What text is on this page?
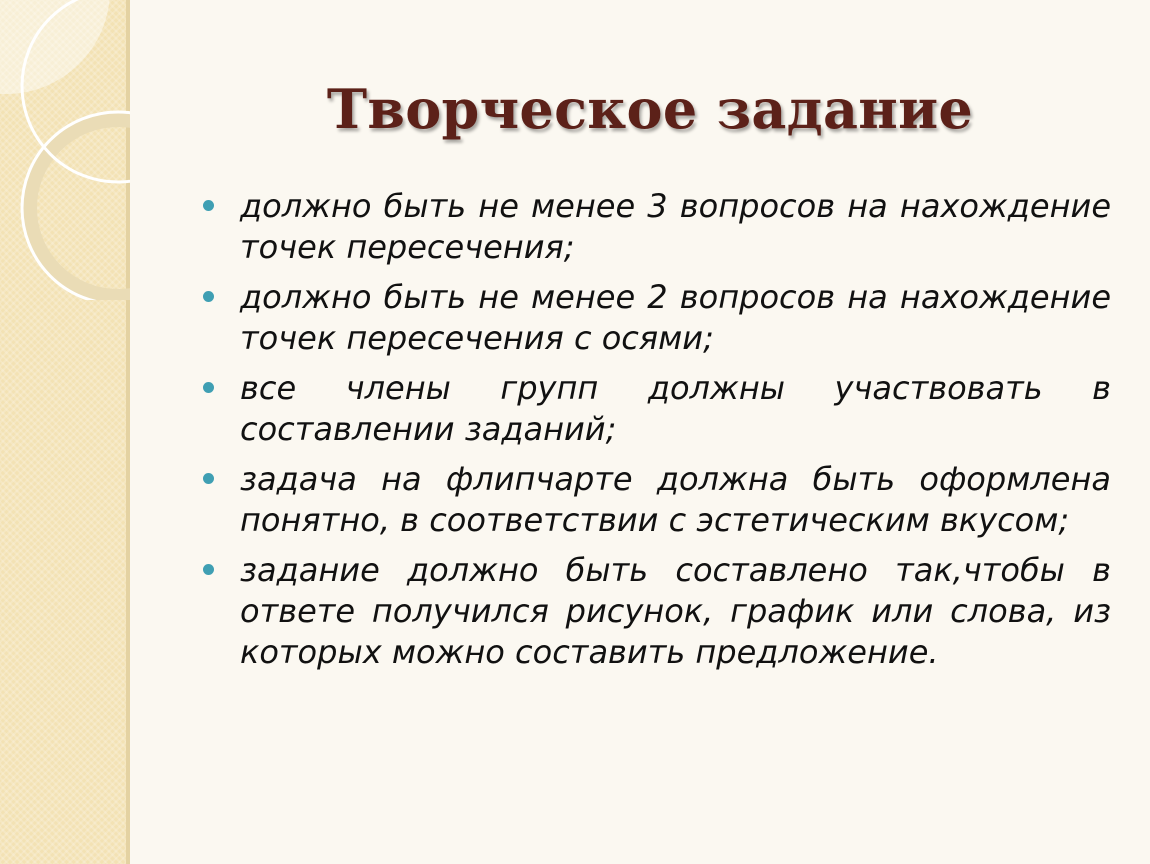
Творческое задание
должно быть не менее 3 вопросов на нахождение точек пересечения;
должно быть не менее 2 вопросов на нахождение точек пересечения с осями;
все члены групп должны участвовать в составлении заданий;
задача на флипчарте должна быть оформлена понятно, в соответствии с эстетическим вкусом;
задание должно быть составлено так,чтобы в  ответе получился рисунок, график или слова, из которых можно составить предложение.
